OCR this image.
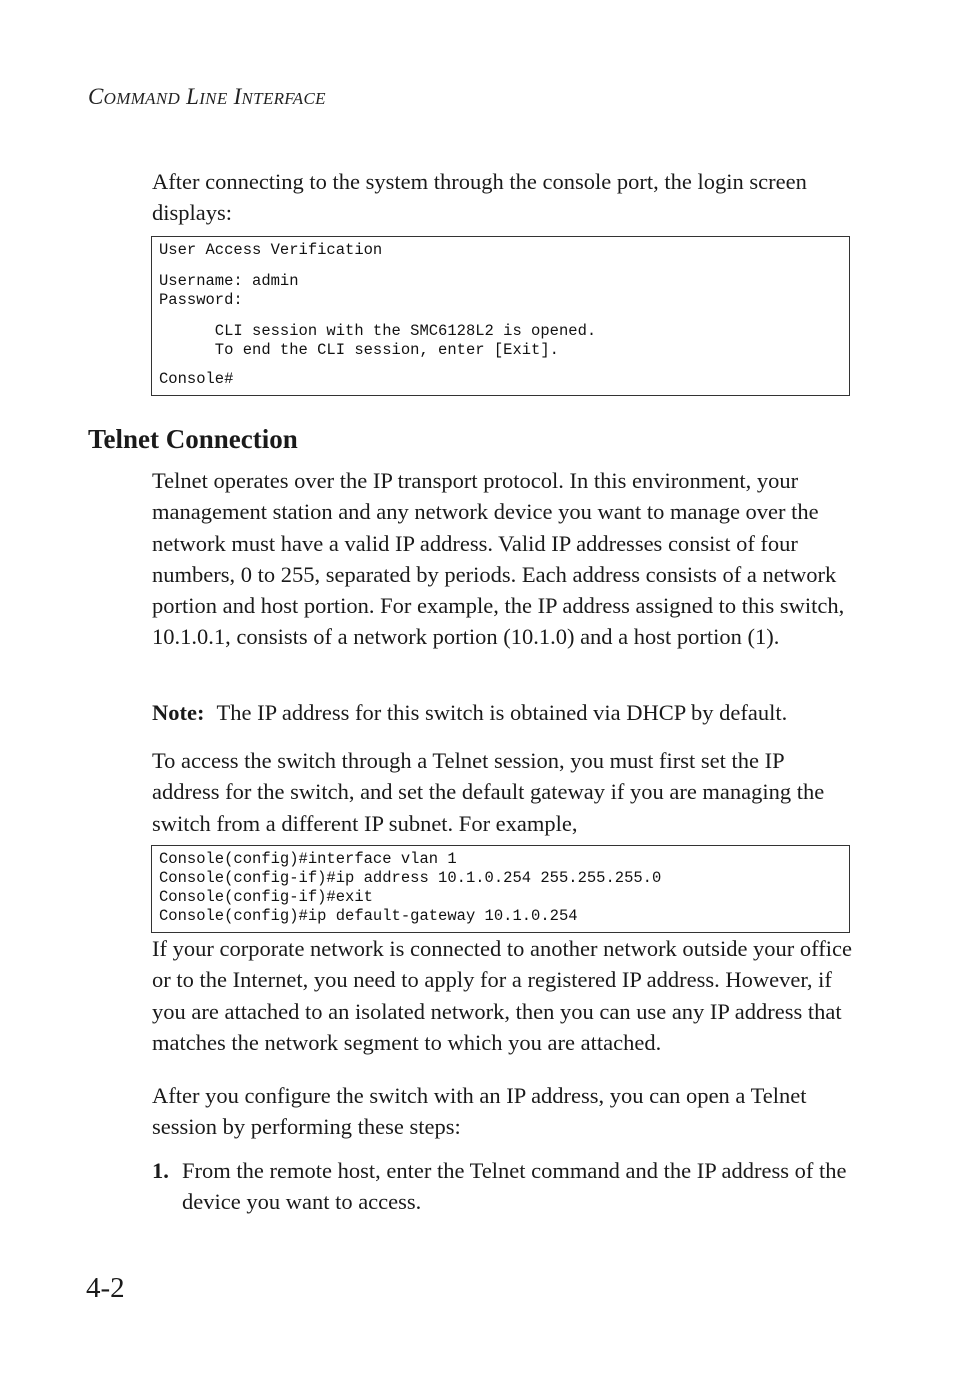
COMMAND LINE INTERFACE

After connecting to the system through the console port, the login screen displays:

User Access Verification
Username: admin
Password:
CLI session with the SMC6128L2 is opened.
To end the CLI session, enter [Exit].
Console#
Telnet Connection

Telnet operates over the IP transport protocol. In this environment, your management station and any network device you want to manage over the network must have a valid IP address. Valid IP addresses consist of four numbers, 0 to 255, separated by periods. Each address consists of a network portion and host portion. For example, the IP address assigned to this switch, 10.1.0.1, consists of a network portion (10.1.0) and a host portion (1).

Note: The IP address for this switch is obtained via DHCP by default.

To access the switch through a Telnet session, you must first set the IP address for the switch, and set the default gateway if you are managing the switch from a different IP subnet. For example,

Console(config)#interface vlan 1
Console(config-if)#ip address 10.1.0.254 255.255.255.0
Console(config-if)#exit
Console(config)#ip default-gateway 10.1.0.254

If your corporate network is connected to another network outside your office or to the Internet, you need to apply for a registered IP address. However, if you are attached to an isolated network, then you can use any IP address that matches the network segment to which you are attached.

After you configure the switch with an IP address, you can open a Telnet session by performing these steps:

1. From the remote host, enter the Telnet command and the IP address of the device you want to access.
4-2
